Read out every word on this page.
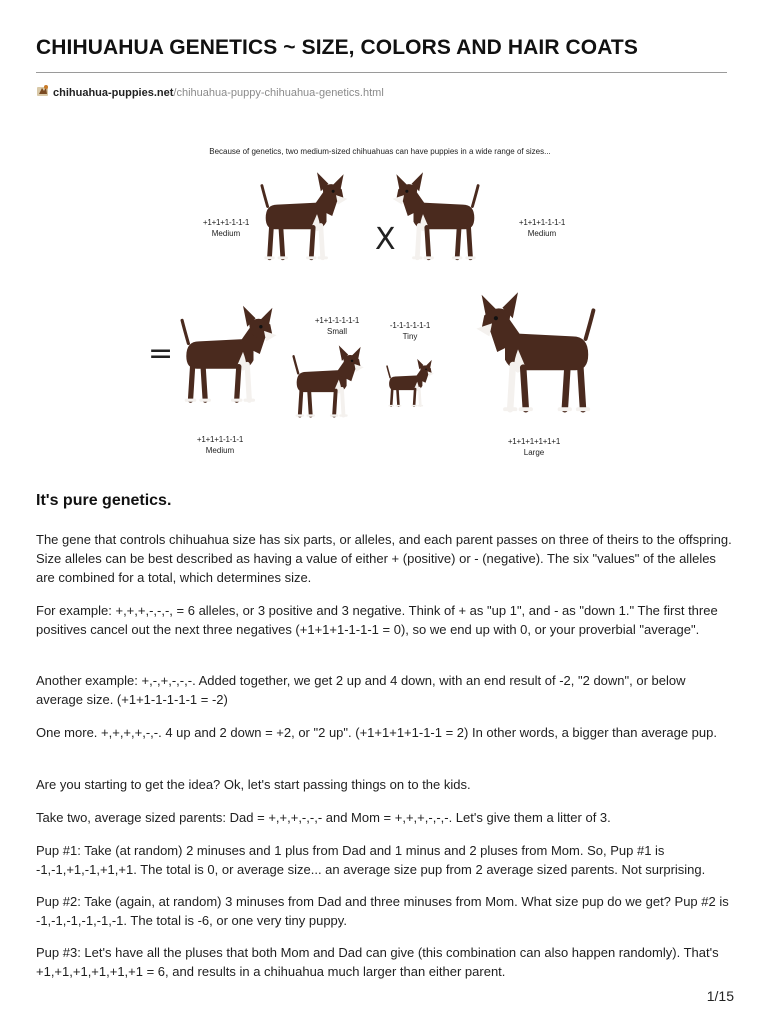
CHIHUAHUA GENETICS ~ SIZE, COLORS AND HAIR COATS
chihuahua-puppies.net/chihuahua-puppy-chihuahua-genetics.html
Because of genetics, two medium-sized chihuahuas can have puppies in a wide range of sizes...
+1+1+1-1-1-1
Medium
+1+1+1-1-1-1
Medium
X
=
+1+1-1-1-1-1
Small
-1-1-1-1-1-1
Tiny
+1+1+1-1-1-1
Medium
+1+1+1+1+1+1
Large
It's pure genetics.

The gene that controls chihuahua size has six parts, or alleles, and each parent passes on three of theirs to the offspring. Size alleles can be best described as having a value of either + (positive) or - (negative). The six "values" of the alleles are combined for a total, which determines size.

For example: +,+,+,-,-,-, = 6 alleles, or 3 positive and 3 negative. Think of + as "up 1", and - as "down 1." The first three positives cancel out the next three negatives (+1+1+1-1-1-1 = 0), so we end up with 0, or your proverbial "average".

Another example: +,-,+,-,-,-. Added together, we get 2 up and 4 down, with an end result of -2, "2 down", or below average size. (+1+1-1-1-1-1 = -2)

One more. +,+,+,+,-,-. 4 up and 2 down = +2, or "2 up". (+1+1+1+1-1-1 = 2) In other words, a bigger than average pup.

Are you starting to get the idea? Ok, let's start passing things on to the kids.

Take two, average sized parents: Dad = +,+,+,-,-,- and Mom = +,+,+,-,-,-. Let's give them a litter of 3.

Pup #1: Take (at random) 2 minuses and 1 plus from Dad and 1 minus and 2 pluses from Mom. So, Pup #1 is -1,-1,+1,-1,+1,+1. The total is 0, or average size... an average size pup from 2 average sized parents. Not surprising.

Pup #2: Take (again, at random) 3 minuses from Dad and three minuses from Mom. What size pup do we get? Pup #2 is -1,-1,-1,-1,-1,-1. The total is -6, or one very tiny puppy.

Pup #3: Let's have all the pluses that both Mom and Dad can give (this combination can also happen randomly). That's +1,+1,+1,+1,+1,+1 = 6, and results in a chihuahua much larger than either parent.

1/15
